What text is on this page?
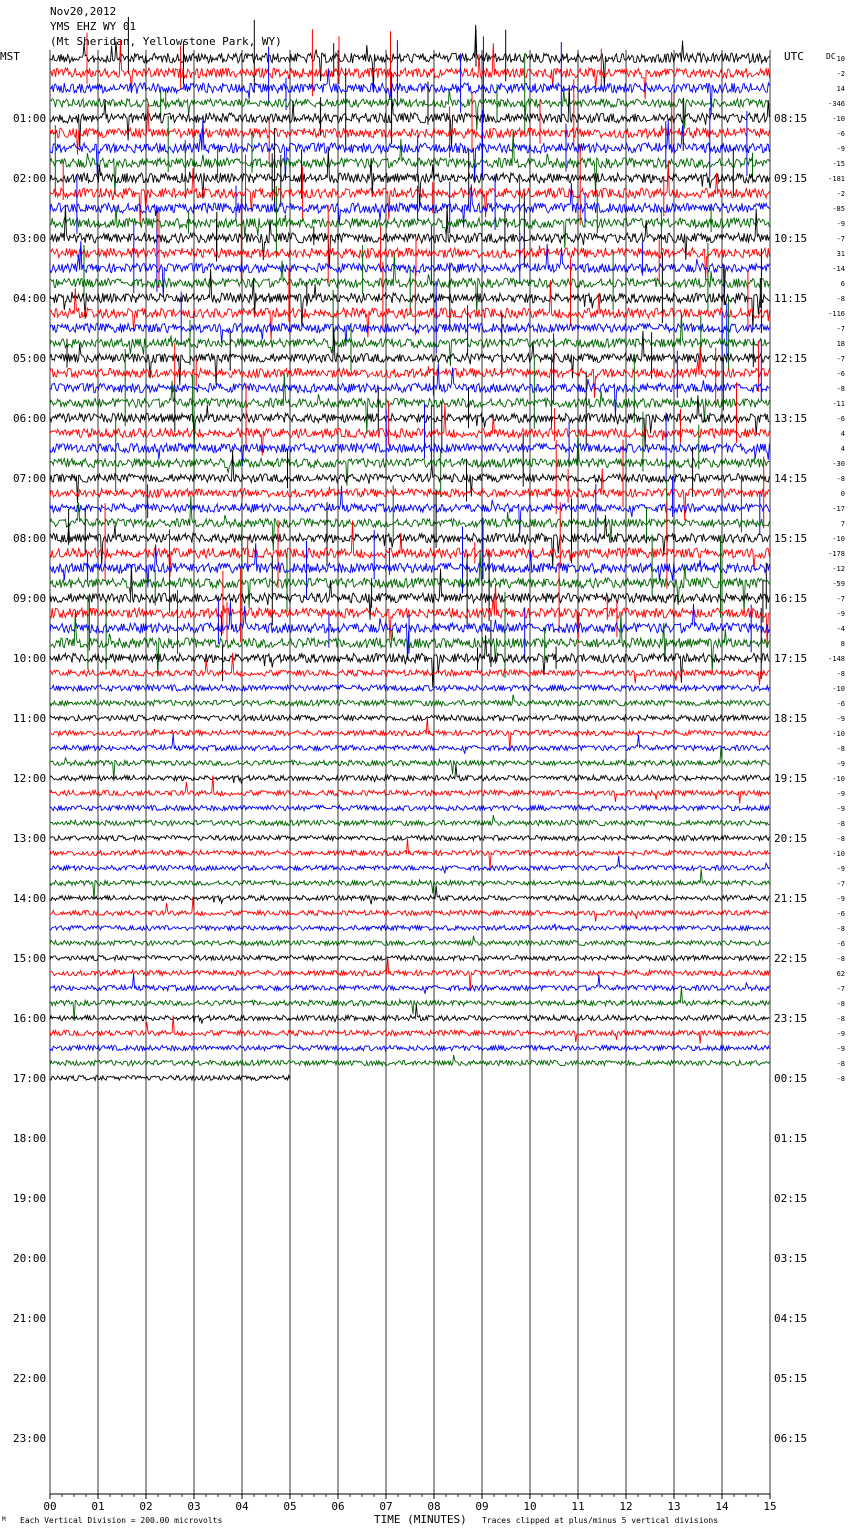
Nov20,2012
YMS EHZ WY 01
(Mt Sheridan, Yellowstone Park, WY)
MST	UTC	DC
00	01	02	03	04	05	06	07	08	09	10	11	12	13	14	15
01:00
02:00
03:00
04:00
05:00
06:00
07:00
08:00
09:00
10:00
11:00
12:00
13:00
14:00
15:00
16:00
17:00
18:00
19:00
20:00
21:00
22:00
23:00
08:15
09:15
10:15
11:15
12:15
13:15
14:15
15:15
16:15
17:15
18:15
19:15
20:15
21:15
22:15
23:15
00:15
01:15
02:15
03:15
04:15
05:15
06:15
10
-2
14
-346
-10
-6
-9
-15
-181
-2
-85
-9
-7
31
-14
6
-8
-116
-7
18
-7
-6
-8
-11
-6
4
4
-30
-8
0
-17
7
-10
-178
-12
-59
-7
-9
-4
8
-148
-8
-10
-6
-9
-10
-8
-9
-10
-9
-9
-8
-8
-10
-9
-7
-9
-6
-8
-6
-8
62
-7
-8
-8
-9
-9
-8
-8
M Each Vertical Division = 200.00 microvolts	TIME (MINUTES) Traces clipped at plus/minus 5 vertical divisions
